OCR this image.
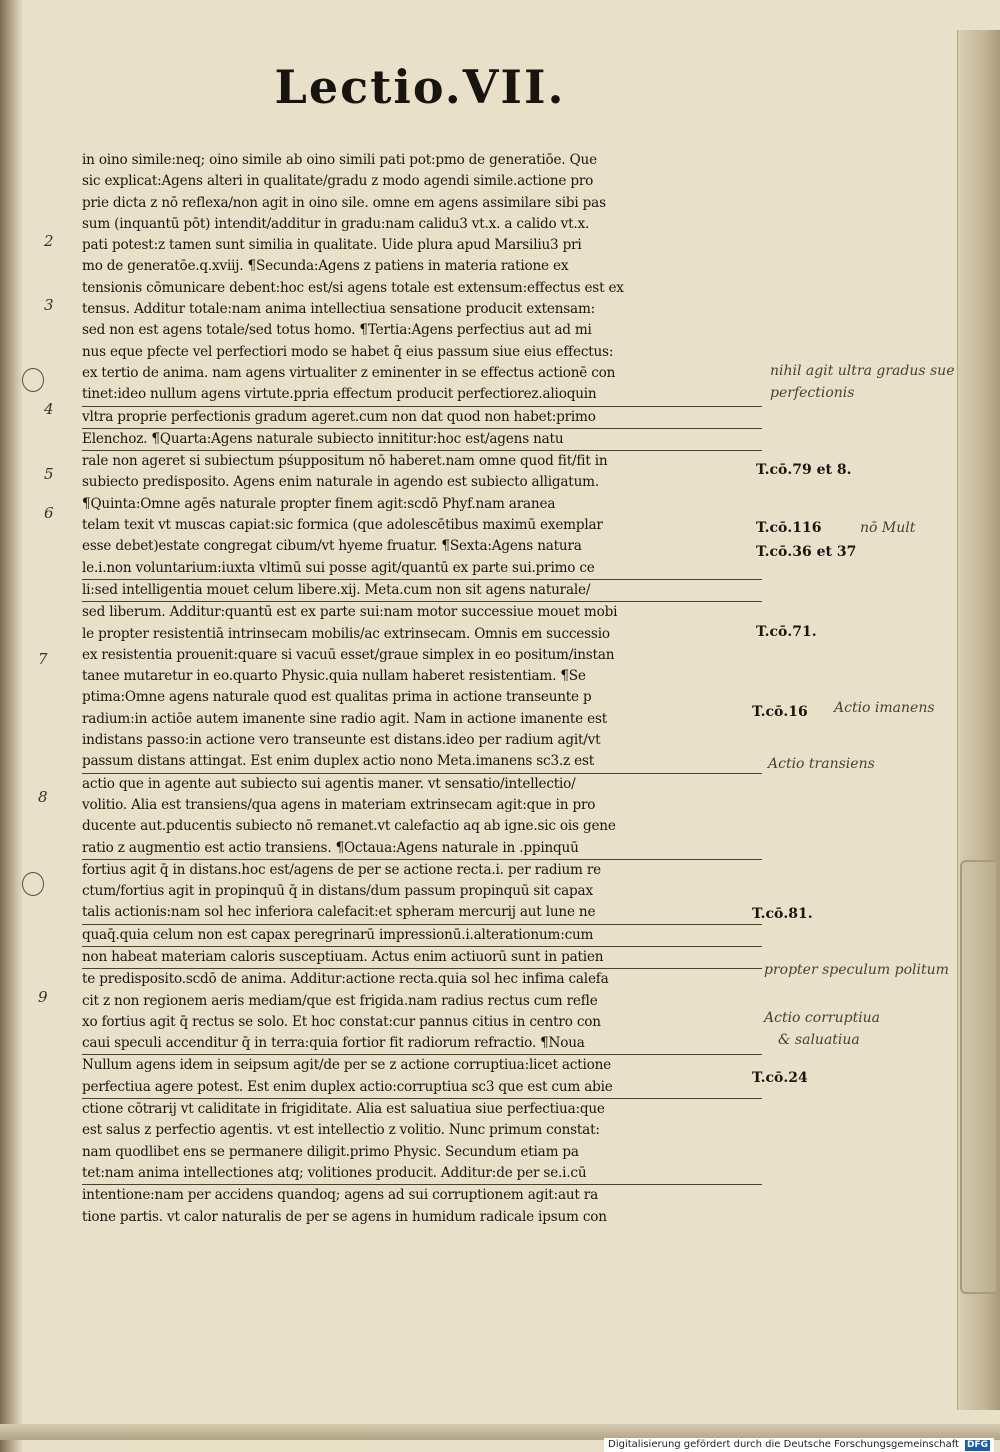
Lectio.VII.
in oino simile:neq; oino simile ab oino simili pati pot:pmo de generatiōe. Que
sic explicat:Agens alteri in qualitate/gradu z modo agendi simile.actione pro
prie dicta z nō reflexa/non agit in oino sile. omne em agens assimilare sibi pas
sum (inquantū pōt) intendit/additur in gradu:nam calidu3 vt.x. a calido vt.x.
pati potest:z tamen sunt similia in qualitate. Uide plura apud Marsiliu3 pri
mo de generatōe.q.xviij. ¶Secunda:Agens z patiens in materia ratione ex
tensionis cōmunicare debent:hoc est/si agens totale est extensum:effectus est ex
tensus. Additur totale:nam anima intellectiua sensatione producit extensam:
sed non est agens totale/sed totus homo. ¶Tertia:Agens perfectius aut ad mi
nus eque pfecte vel perfectiori modo se habet q̄ eius passum siue eius effectus:
ex tertio de anima. nam agens virtualiter z eminenter in se effectus actionē con
tinet:ideo nullum agens virtute.ppria effectum producit perfectiorez.alioquin
vltra proprie perfectionis gradum ageret.cum non dat quod non habet:primo
Elenchoz. ¶Quarta:Agens naturale subiecto innititur:hoc est/agens natu
rale non ageret si subiectum pśuppositum nō haberet.nam omne quod fit/fit in
subiecto predisposito. Agens enim naturale in agendo est subiecto alligatum.
¶Quinta:Omne agēs naturale propter finem agit:scdō Phyf.nam aranea
telam texit vt muscas capiat:sic formica (que adolescētibus maximū exemplar
esse debet)estate congregat cibum/vt hyeme fruatur. ¶Sexta:Agens natura
le.i.non voluntarium:iuxta vltimū sui posse agit/quantū ex parte sui.primo ce
li:sed intelligentia mouet celum libere.xij. Meta.cum non sit agens naturale/
sed liberum. Additur:quantū est ex parte sui:nam motor successiue mouet mobi
le propter resistentiā intrinsecam mobilis/ac extrinsecam. Omnis em successio
ex resistentia prouenit:quare si vacuū esset/graue simplex in eo positum/instan
tanee mutaretur in eo.quarto Physic.quia nullam haberet resistentiam. ¶Se
ptima:Omne agens naturale quod est qualitas prima in actione transeunte p
radium:in actiōe autem imanente sine radio agit. Nam in actione imanente est
indistans passo:in actione vero transeunte est distans.ideo per radium agit/vt
passum distans attingat. Est enim duplex actio nono Meta.imanens sc3.z est
actio que in agente aut subiecto sui agentis maner. vt sensatio/intellectio/
volitio. Alia est transiens/qua agens in materiam extrinsecam agit:que in pro
ducente aut.pducentis subiecto nō remanet.vt calefactio aq ab igne.sic ois gene
ratio z augmentio est actio transiens. ¶Octaua:Agens naturale in .ppinquū
fortius agit q̄ in distans.hoc est/agens de per se actione recta.i. per radium re
ctum/fortius agit in propinquū q̄ in distans/dum passum propinquū sit capax
talis actionis:nam sol hec inferiora calefacit:et spheram mercurij aut lune ne
quaq̄.quia celum non est capax peregrinarū impressionū.i.alterationum:cum
non habeat materiam caloris susceptiuam. Actus enim actiuorū sunt in patien
te predisposito.scdō de anima. Additur:actione recta.quia sol hec infima calefa
cit z non regionem aeris mediam/que est frigida.nam radius rectus cum refle
xo fortius agit q̄ rectus se solo. Et hoc constat:cur pannus citius in centro con
caui speculi accenditur q̄ in terra:quia fortior fit radiorum refractio. ¶Noua
Nullum agens idem in seipsum agit/de per se z actione corruptiua:licet actione
perfectiua agere potest. Est enim duplex actio:corruptiua sc3 que est cum abie
ctione cōtrarij vt caliditate in frigiditate. Alia est saluatiua siue perfectiua:que
est salus z perfectio agentis. vt est intellectio z volitio. Nunc primum constat:
nam quodlibet ens se permanere diligit.primo Physic. Secundum etiam pa
tet:nam anima intellectiones atq; volitiones producit. Additur:de per se.i.cū
intentione:nam per accidens quandoq; agens ad sui corruptionem agit:aut ra
tione partis. vt calor naturalis de per se agens in humidum radicale ipsum con
2
3
4
5
6
7
8
9
T.cō.79 et 8.
T.cō.116
T.cō.36 et 37
T.cō.71.
T.cō.16
T.cō.81.
T.cō.24
nihil agit ultra gradus sue perfectionis
nō Mult
Actio imanens
Actio transiens
propter speculum politum
Actio corruptiua
& saluatiua
Digitalisierung gefördert durch die Deutsche Forschungsgemeinschaft DFG
